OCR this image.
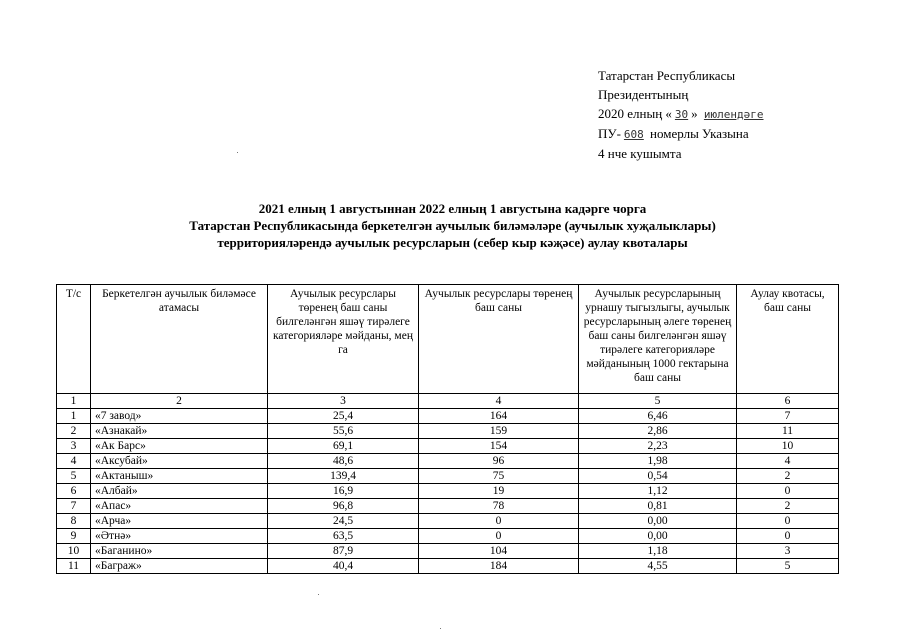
Татарстан Республикасы
Президентының
2020 елның « 30 » июлендәге
ПУ- 608 номерлы Указына
4 нче кушымта
2021 елның 1 августыннан 2022 елның 1 августына кадәрге чорга
Татарстан Республикасында беркетелгән аучылык биләмәләре (аучылык хуҗалыклары)
территорияләрендә аучылык ресурсларын (себер кыр кәҗәсе) аулау квоталары
Т/с	Беркетелгән аучылык биләмәсе атамасы	Аучылык ресурслары төренең баш саны билгеләнгән яшәү тирәлеге категорияләре мәйданы, мең га	Аучылык ресурслары төренең баш саны	Аучылык ресурсларының урнашу тыгызлыгы, аучылык ресурсларының әлеге төренең баш саны билгеләнгән яшәү тирәлеге категорияләре мәйданының 1000 гектарына баш саны	Аулау квотасы, баш саны
1	2	3	4	5	6
1	«7 завод»	25,4	164	6,46	7
2	«Азнакай»	55,6	159	2,86	11
3	«Ак Барс»	69,1	154	2,23	10
4	«Аксубай»	48,6	96	1,98	4
5	«Актаныш»	139,4	75	0,54	2
6	«Албай»	16,9	19	1,12	0
7	«Апас»	96,8	78	0,81	2
8	«Арча»	24,5	0	0,00	0
9	«Әтнә»	63,5	0	0,00	0
10	«Баганино»	87,9	104	1,18	3
11	«Баграж»	40,4	184	4,55	5
